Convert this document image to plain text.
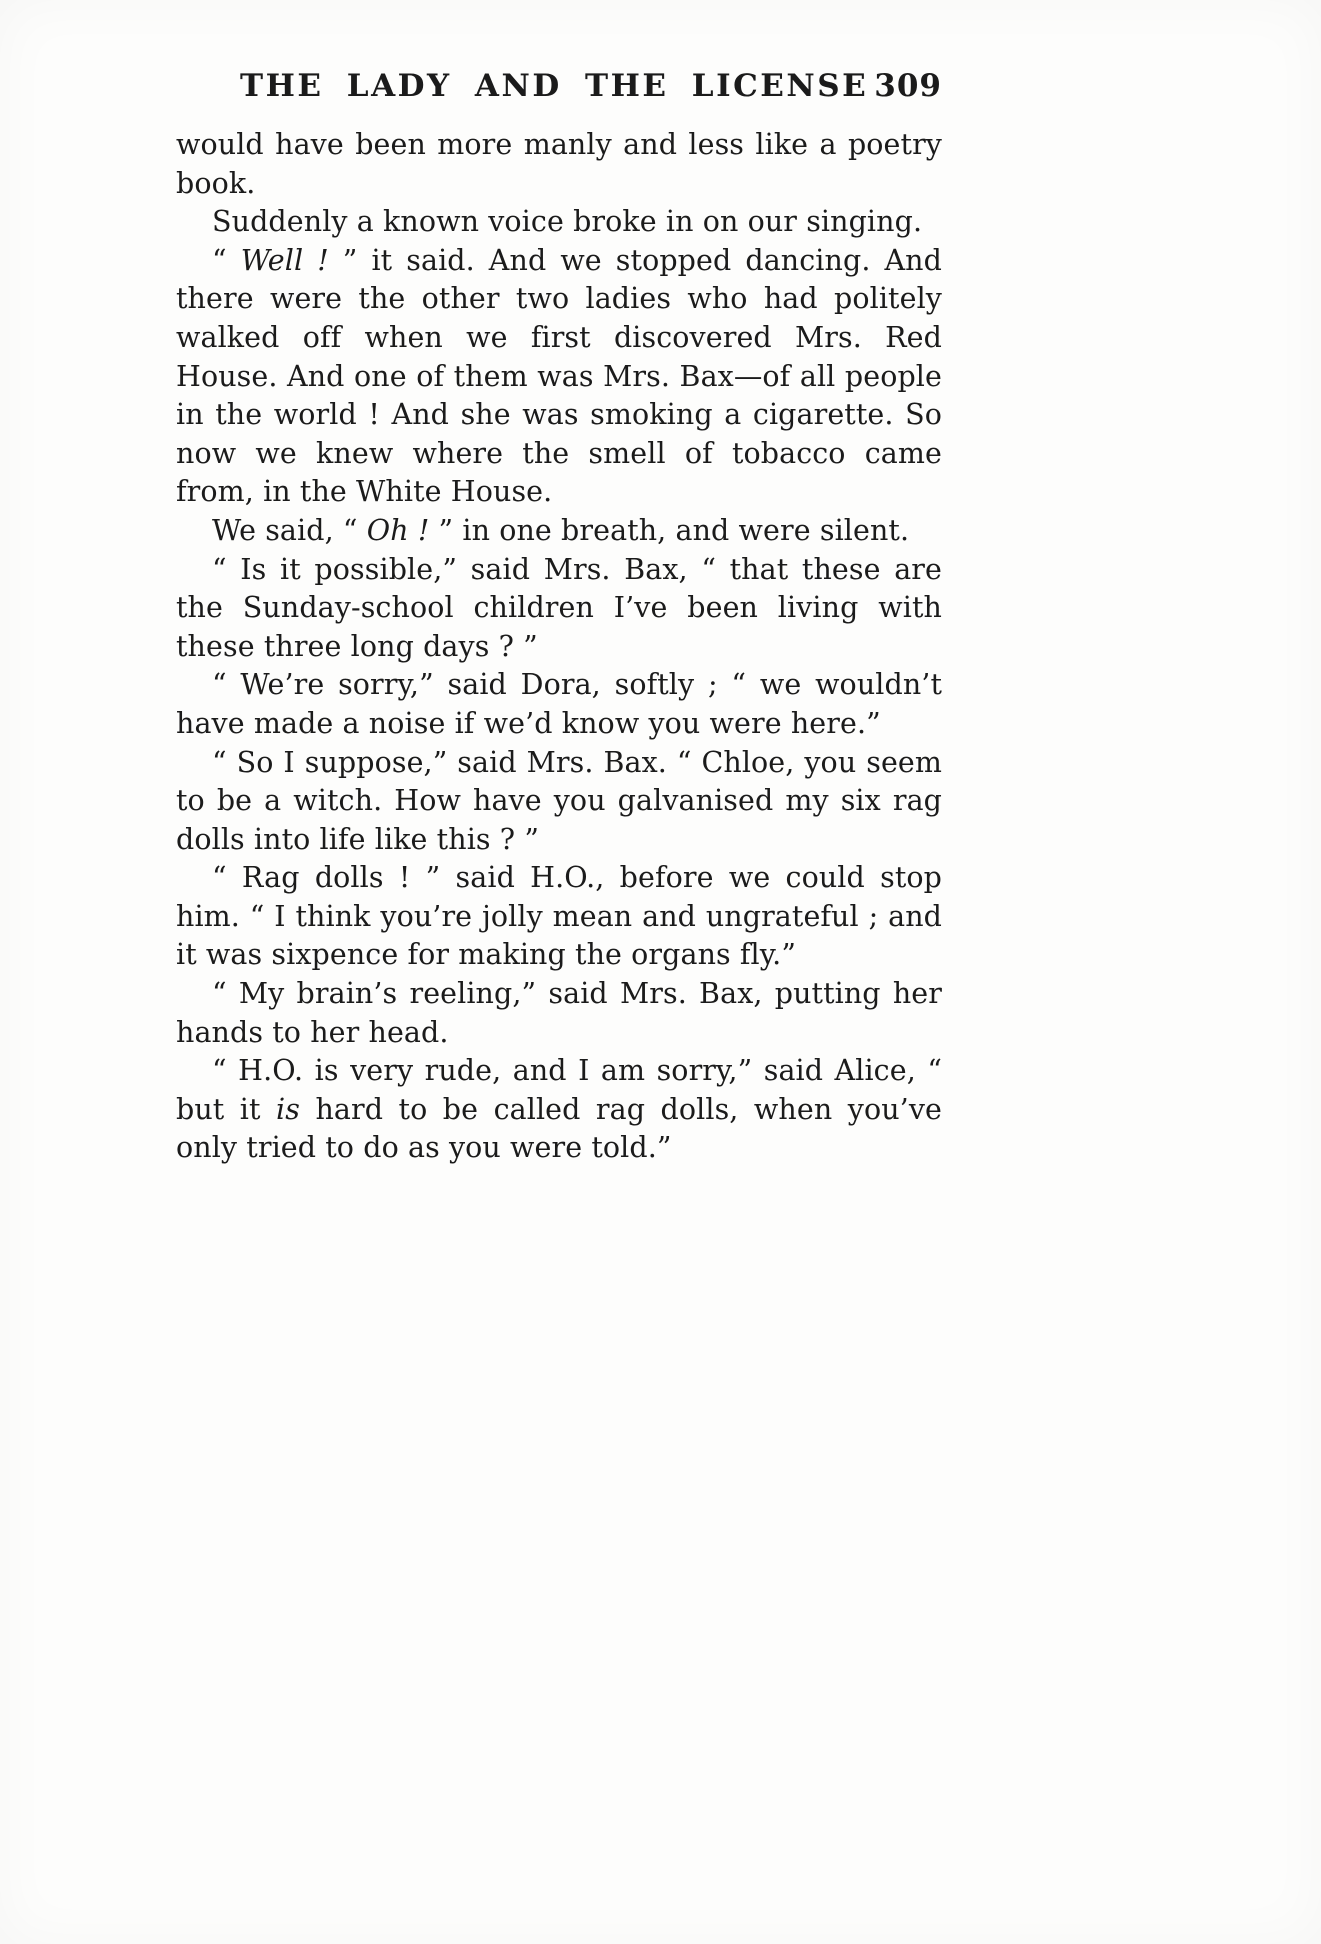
THE LADY AND THE LICENSE 309

would have been more manly and less like a poetry book.

Suddenly a known voice broke in on our singing.

“ Well ! ” it said. And we stopped dancing. And there were the other two ladies who had politely walked off when we first discovered Mrs. Red House. And one of them was Mrs. Bax—of all people in the world ! And she was smoking a cigarette. So now we knew where the smell of tobacco came from, in the White House.

We said, “ Oh ! ” in one breath, and were silent.

“ Is it possible,” said Mrs. Bax, “ that these are the Sunday-school children I’ve been living with these three long days ? ”

“ We’re sorry,” said Dora, softly ; “ we wouldn’t have made a noise if we’d know you were here.”

“ So I suppose,” said Mrs. Bax. “ Chloe, you seem to be a witch. How have you galvanised my six rag dolls into life like this ? ”

“ Rag dolls ! ” said H.O., before we could stop him. “ I think you’re jolly mean and ungrateful ; and it was sixpence for making the organs fly.”

“ My brain’s reeling,” said Mrs. Bax, putting her hands to her head.

“ H.O. is very rude, and I am sorry,” said Alice, “ but it is hard to be called rag dolls, when you’ve only tried to do as you were told.”
